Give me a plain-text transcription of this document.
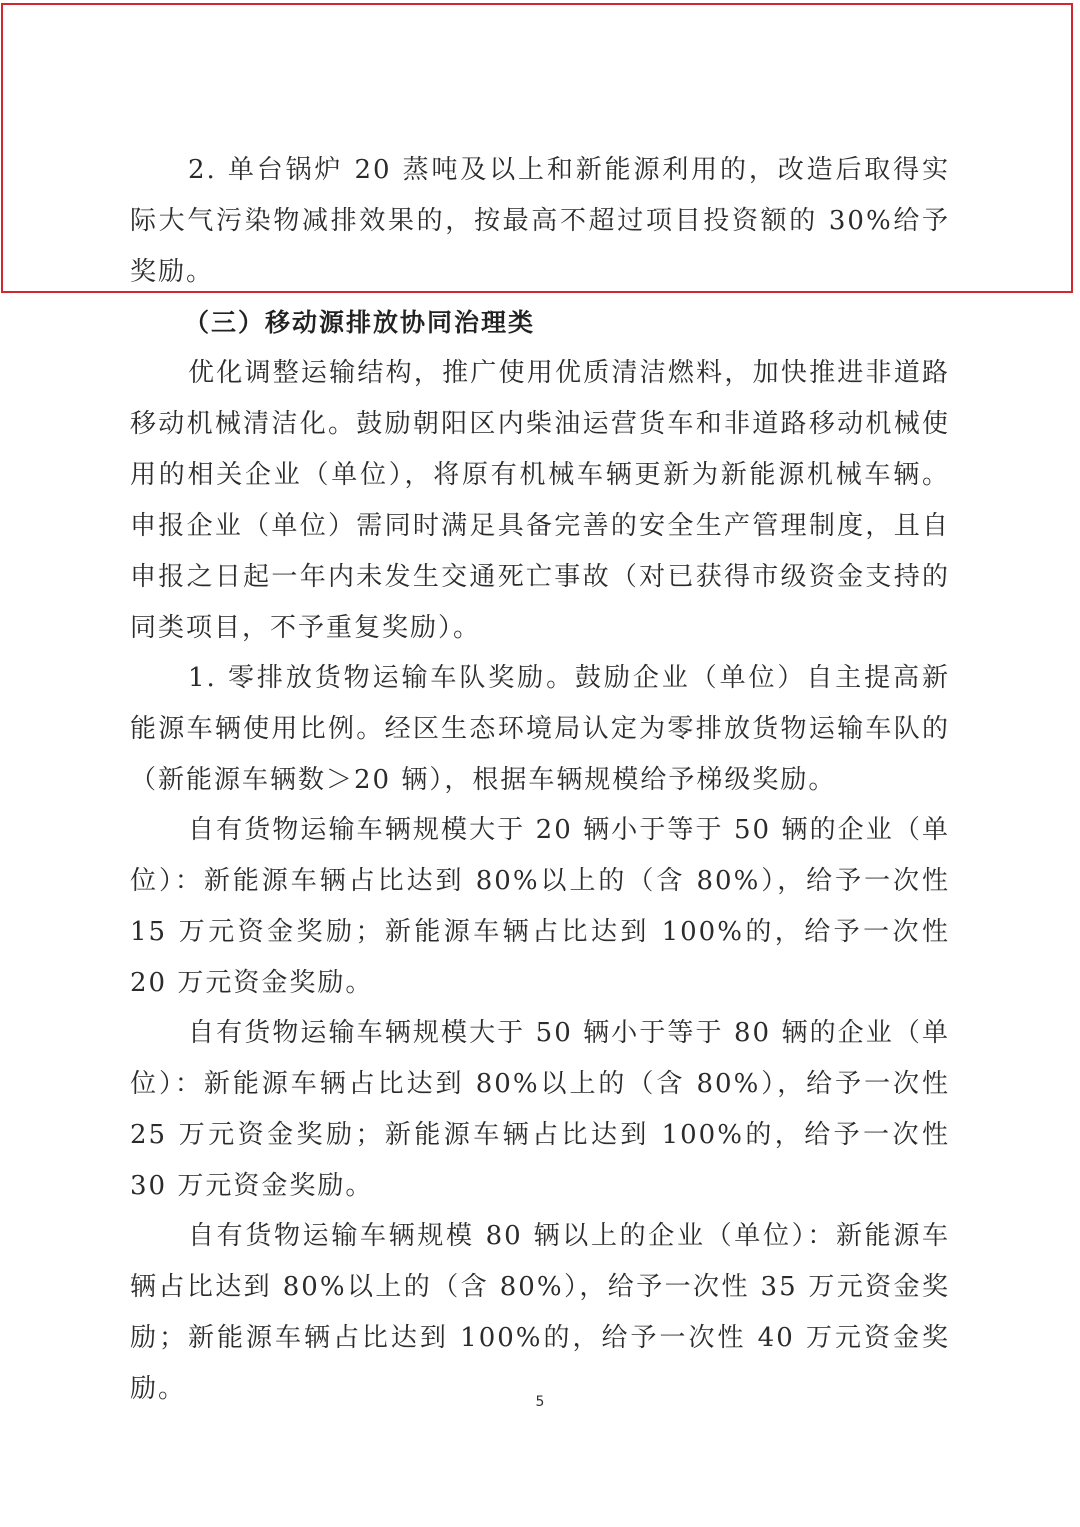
2. 单台锅炉 20 蒸吨及以上和新能源利用的，改造后取得实际大气污染物减排效果的，按最高不超过项目投资额的 30%给予奖励。

（三）移动源排放协同治理类

优化调整运输结构，推广使用优质清洁燃料，加快推进非道路移动机械清洁化。鼓励朝阳区内柴油运营货车和非道路移动机械使用的相关企业（单位），将原有机械车辆更新为新能源机械车辆。申报企业（单位）需同时满足具备完善的安全生产管理制度，且自申报之日起一年内未发生交通死亡事故（对已获得市级资金支持的同类项目，不予重复奖励）。

1. 零排放货物运输车队奖励。鼓励企业（单位）自主提高新能源车辆使用比例。经区生态环境局认定为零排放货物运输车队的（新能源车辆数＞20 辆），根据车辆规模给予梯级奖励。

自有货物运输车辆规模大于 20 辆小于等于 50 辆的企业（单位）：新能源车辆占比达到 80%以上的（含 80%），给予一次性 15 万元资金奖励；新能源车辆占比达到 100%的，给予一次性 20 万元资金奖励。

自有货物运输车辆规模大于 50 辆小于等于 80 辆的企业（单位）：新能源车辆占比达到 80%以上的（含 80%），给予一次性 25 万元资金奖励；新能源车辆占比达到 100%的，给予一次性 30 万元资金奖励。

自有货物运输车辆规模 80 辆以上的企业（单位）：新能源车辆占比达到 80%以上的（含 80%），给予一次性 35 万元资金奖励；新能源车辆占比达到 100%的，给予一次性 40 万元资金奖励。	5
